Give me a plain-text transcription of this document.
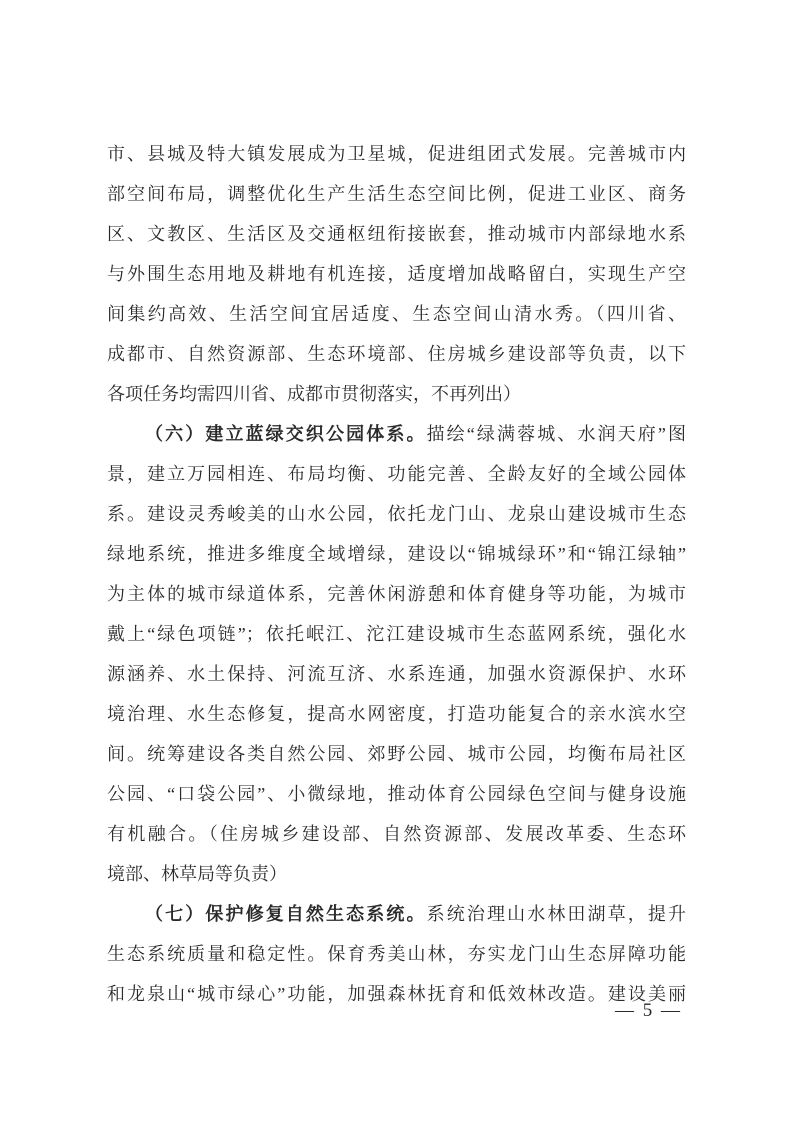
市、县城及特大镇发展成为卫星城，促进组团式发展。完善城市内
部空间布局，调整优化生产生活生态空间比例，促进工业区、商务
区、文教区、生活区及交通枢纽衔接嵌套，推动城市内部绿地水系
与外围生态用地及耕地有机连接，适度增加战略留白，实现生产空
间集约高效、生活空间宜居适度、生态空间山清水秀。（四川省、
成都市、自然资源部、生态环境部、住房城乡建设部等负责，以下
各项任务均需四川省、成都市贯彻落实，不再列出）
（六）建立蓝绿交织公园体系。描绘“绿满蓉城、水润天府”图
景，建立万园相连、布局均衡、功能完善、全龄友好的全域公园体
系。建设灵秀峻美的山水公园，依托龙门山、龙泉山建设城市生态
绿地系统，推进多维度全域增绿，建设以“锦城绿环”和“锦江绿轴”
为主体的城市绿道体系，完善休闲游憩和体育健身等功能，为城市
戴上“绿色项链”；依托岷江、沱江建设城市生态蓝网系统，强化水
源涵养、水土保持、河流互济、水系连通，加强水资源保护、水环
境治理、水生态修复，提高水网密度，打造功能复合的亲水滨水空
间。统筹建设各类自然公园、郊野公园、城市公园，均衡布局社区
公园、“口袋公园”、小微绿地，推动体育公园绿色空间与健身设施
有机融合。（住房城乡建设部、自然资源部、发展改革委、生态环
境部、林草局等负责）
（七）保护修复自然生态系统。系统治理山水林田湖草，提升
生态系统质量和稳定性。保育秀美山林，夯实龙门山生态屏障功能
和龙泉山“城市绿心”功能，加强森林抚育和低效林改造。建设美丽
— 5 —
